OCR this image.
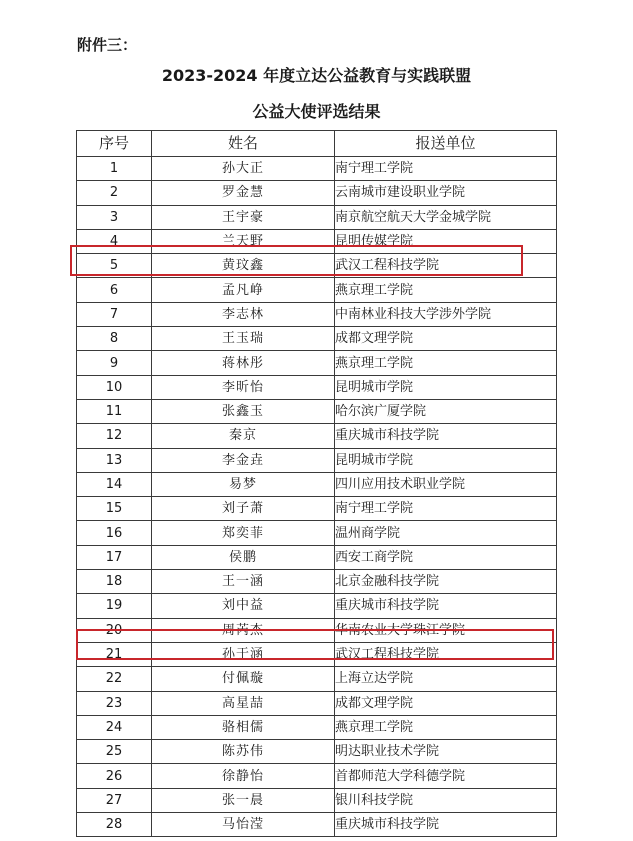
附件三：
2023-2024 年度立达公益教育与实践联盟
公益大使评选结果
序号	姓名	报送单位
1	孙大正	南宁理工学院
2	罗金慧	云南城市建设职业学院
3	王宇豪	南京航空航天大学金城学院
4	兰天野	昆明传媒学院
5	黄玟鑫	武汉工程科技学院
6	孟凡峥	燕京理工学院
7	李志林	中南林业科技大学涉外学院
8	王玉瑞	成都文理学院
9	蒋林彤	燕京理工学院
10	李昕怡	昆明城市学院
11	张鑫玉	哈尔滨广厦学院
12	秦京	重庆城市科技学院
13	李金垚	昆明城市学院
14	易梦	四川应用技术职业学院
15	刘子萧	南宁理工学院
16	郑奕菲	温州商学院
17	侯鹏	西安工商学院
18	王一涵	北京金融科技学院
19	刘中益	重庆城市科技学院
20	周芮杰	华南农业大学珠江学院
21	孙于涵	武汉工程科技学院
22	付佩璇	上海立达学院
23	高星喆	成都文理学院
24	骆相儒	燕京理工学院
25	陈苏伟	明达职业技术学院
26	徐静怡	首都师范大学科德学院
27	张一晨	银川科技学院
28	马怡滢	重庆城市科技学院
